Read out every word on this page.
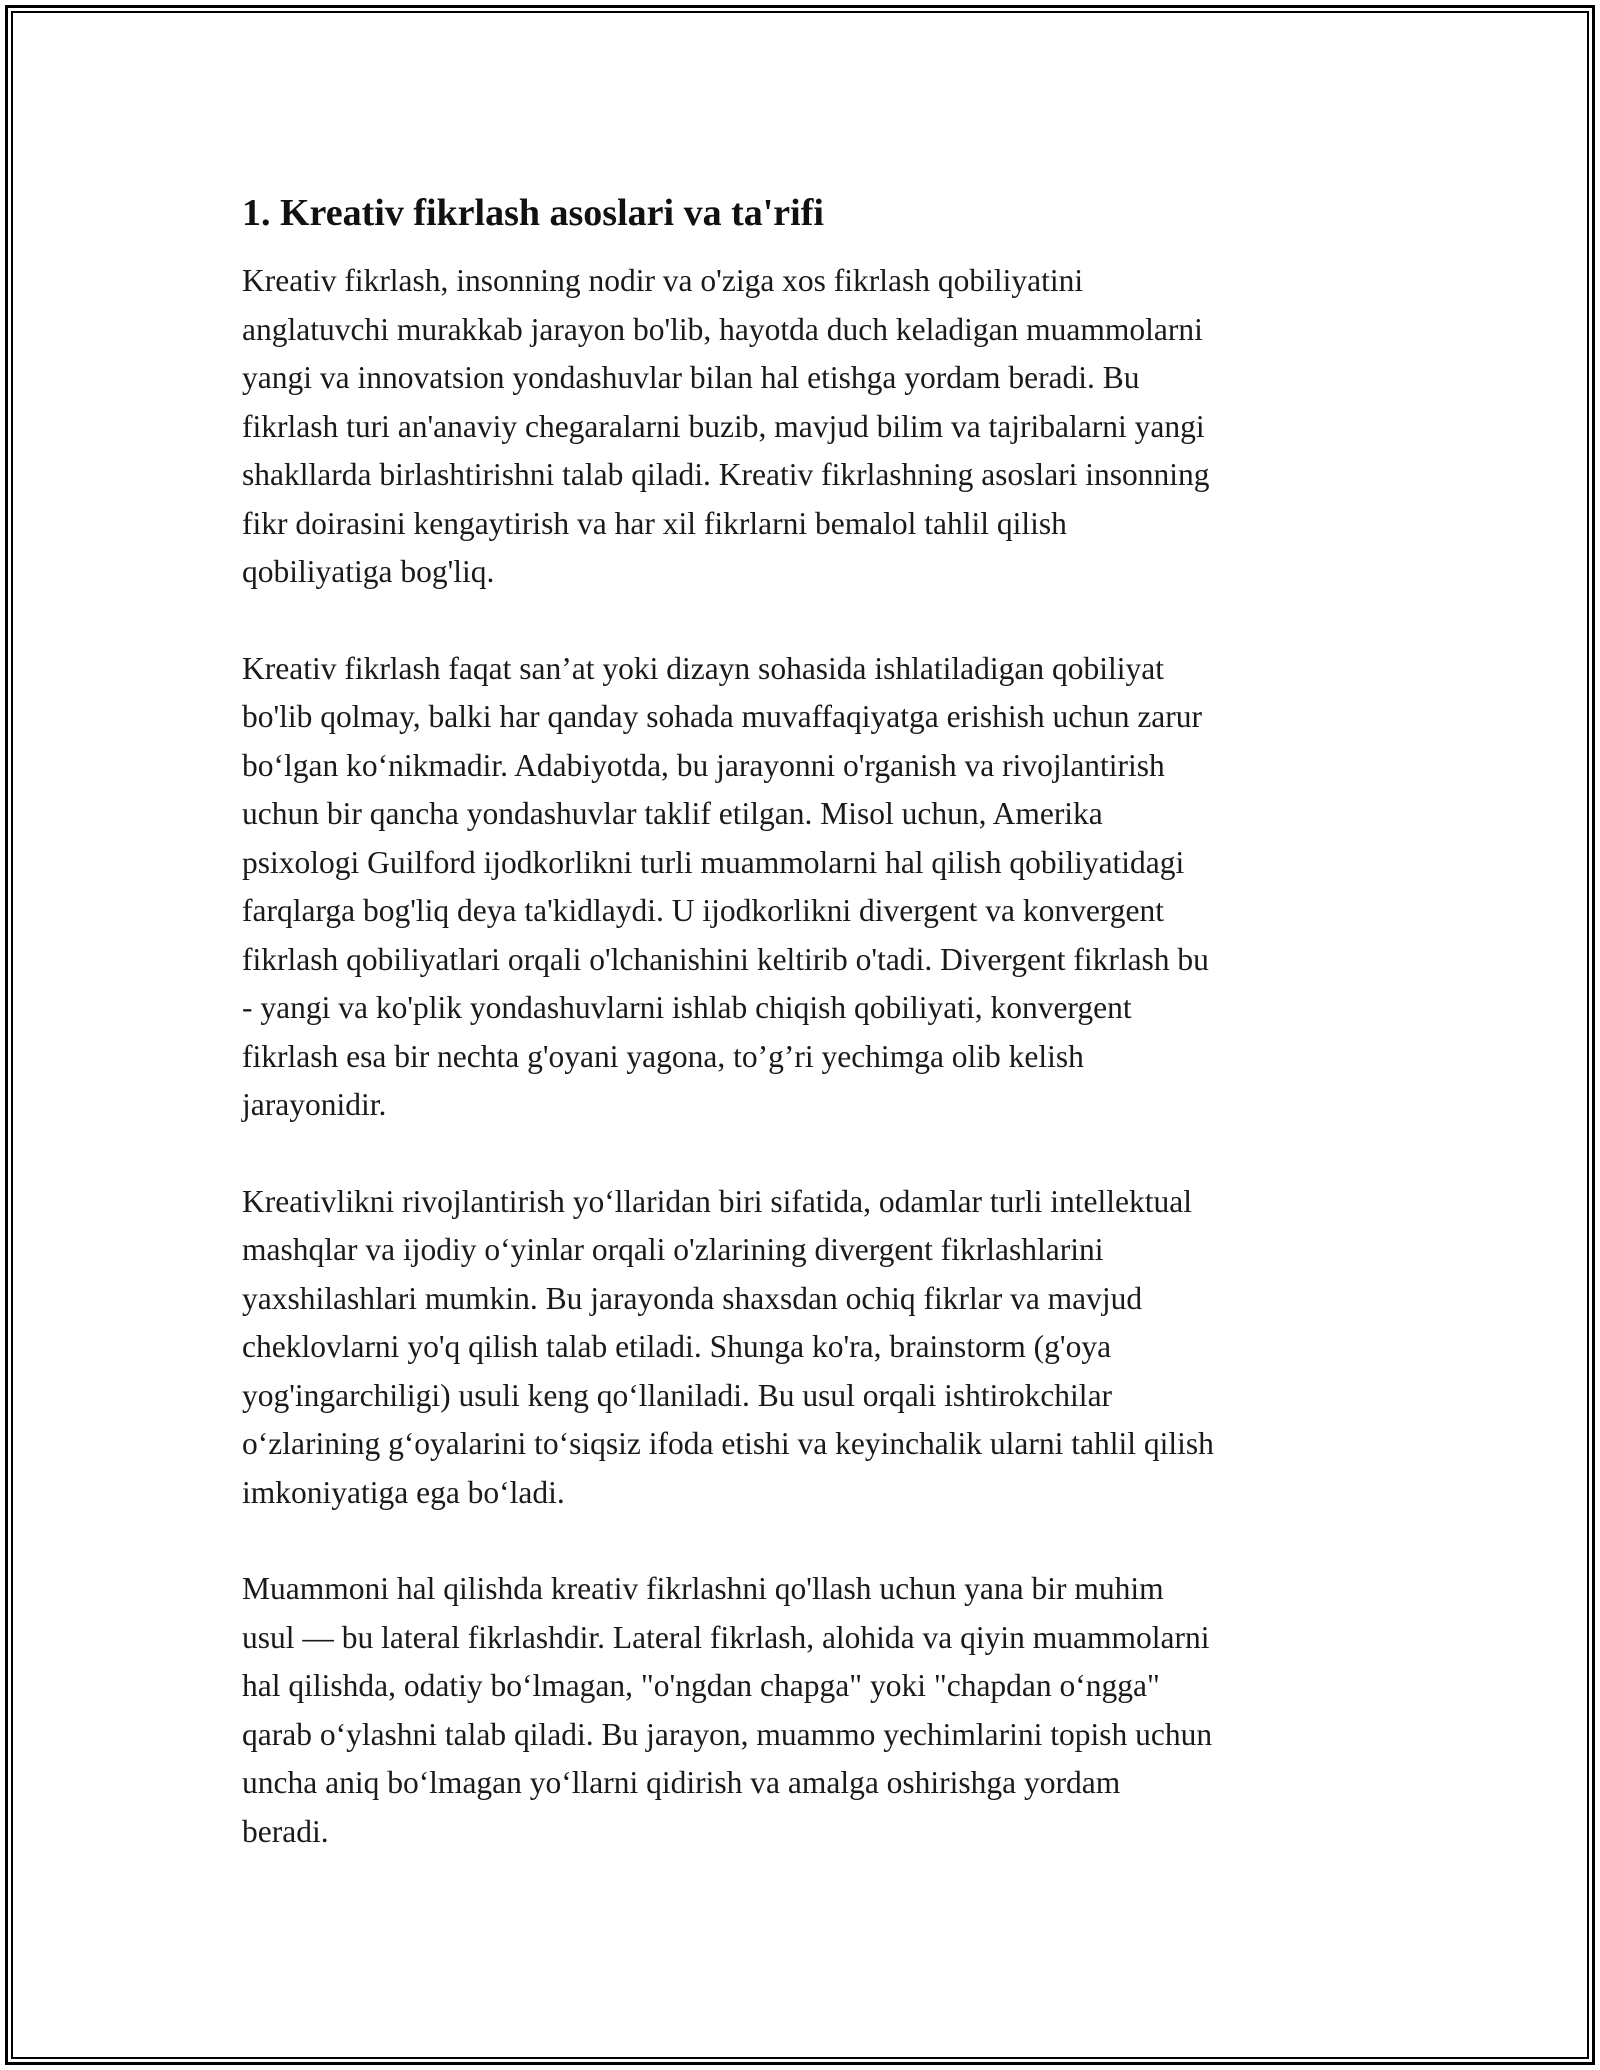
1. Kreativ fikrlash asoslari va ta'rifi

Kreativ fikrlash, insonning nodir va o'ziga xos fikrlash qobiliyatini
anglatuvchi murakkab jarayon bo'lib, hayotda duch keladigan muammolarni
yangi va innovatsion yondashuvlar bilan hal etishga yordam beradi. Bu
fikrlash turi an'anaviy chegaralarni buzib, mavjud bilim va tajribalarni yangi
shakllarda birlashtirishni talab qiladi. Kreativ fikrlashning asoslari insonning
fikr doirasini kengaytirish va har xil fikrlarni bemalol tahlil qilish
qobiliyatiga bog'liq.

Kreativ fikrlash faqat san’at yoki dizayn sohasida ishlatiladigan qobiliyat
bo'lib qolmay, balki har qanday sohada muvaffaqiyatga erishish uchun zarur
bo‘lgan ko‘nikmadir. Adabiyotda, bu jarayonni o'rganish va rivojlantirish
uchun bir qancha yondashuvlar taklif etilgan. Misol uchun, Amerika
psixologi Guilford ijodkorlikni turli muammolarni hal qilish qobiliyatidagi
farqlarga bog'liq deya ta'kidlaydi. U ijodkorlikni divergent va konvergent
fikrlash qobiliyatlari orqali o'lchanishini keltirib o'tadi. Divergent fikrlash bu
- yangi va ko'plik yondashuvlarni ishlab chiqish qobiliyati, konvergent
fikrlash esa bir nechta g'oyani yagona, to’g’ri yechimga olib kelish
jarayonidir.

Kreativlikni rivojlantirish yo‘llaridan biri sifatida, odamlar turli intellektual
mashqlar va ijodiy o‘yinlar orqali o'zlarining divergent fikrlashlarini
yaxshilashlari mumkin. Bu jarayonda shaxsdan ochiq fikrlar va mavjud
cheklovlarni yo'q qilish talab etiladi. Shunga ko'ra, brainstorm (g'oya
yog'ingarchiligi) usuli keng qo‘llaniladi. Bu usul orqali ishtirokchilar
o‘zlarining g‘oyalarini to‘siqsiz ifoda etishi va keyinchalik ularni tahlil qilish
imkoniyatiga ega bo‘ladi.

Muammoni hal qilishda kreativ fikrlashni qo'llash uchun yana bir muhim
usul — bu lateral fikrlashdir. Lateral fikrlash, alohida va qiyin muammolarni
hal qilishda, odatiy bo‘lmagan, "o'ngdan chapga" yoki "chapdan o‘ngga"
qarab o‘ylashni talab qiladi. Bu jarayon, muammo yechimlarini topish uchun
uncha aniq bo‘lmagan yo‘llarni qidirish va amalga oshirishga yordam
beradi.
